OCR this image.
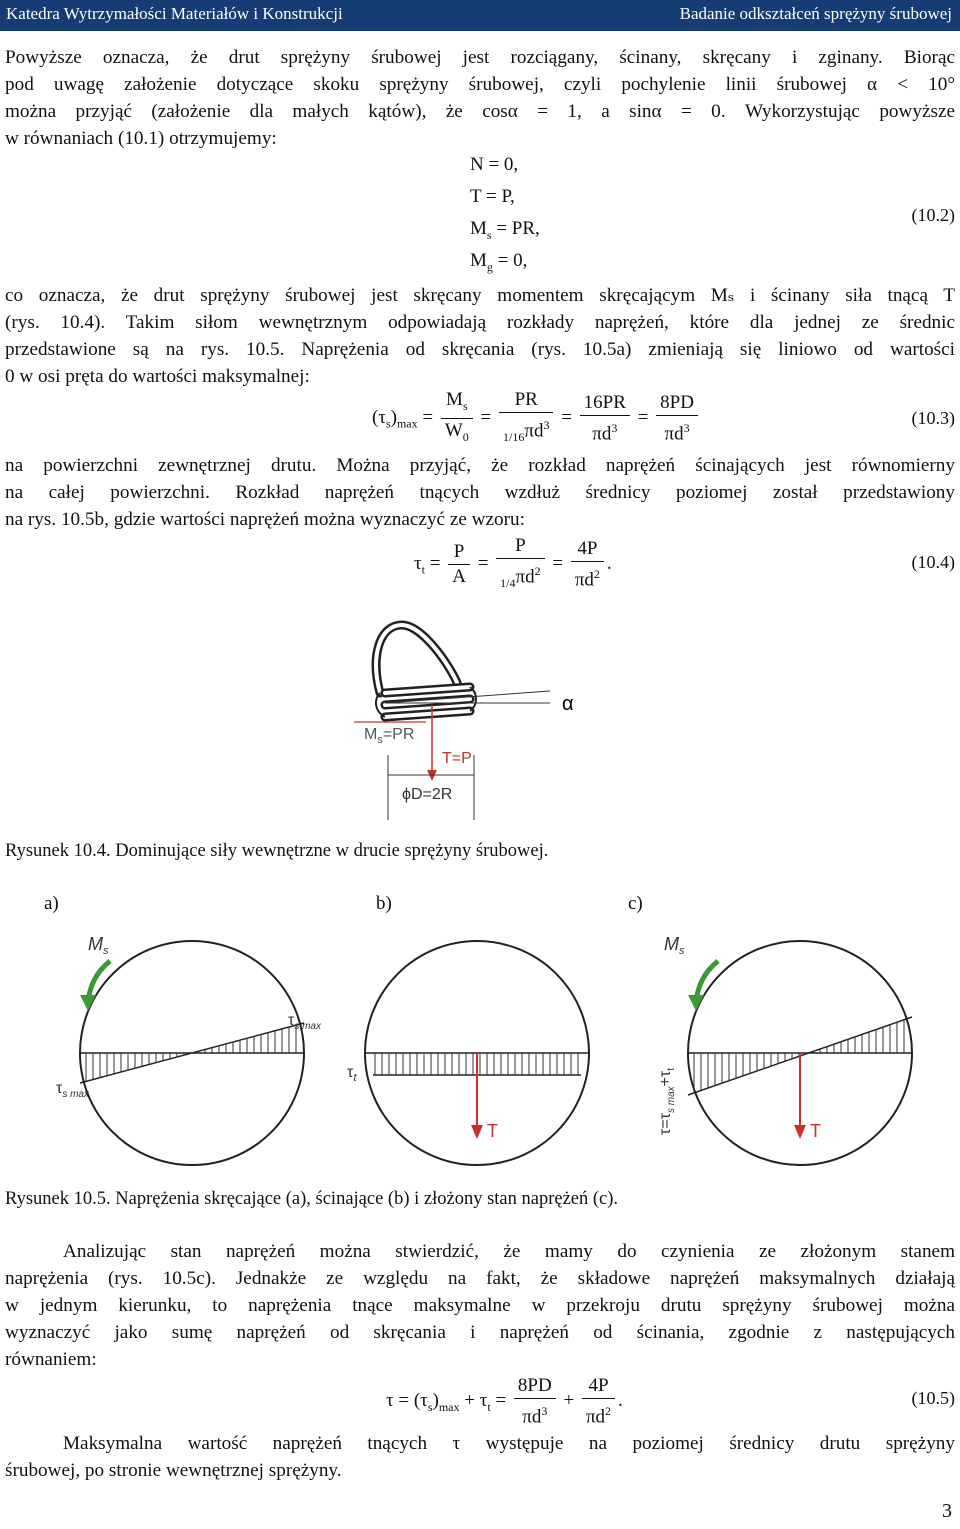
Katedra Wytrzymałości Materiałów i Konstrukcji	Badanie odkształceń sprężyny śrubowej
Powyższe oznacza, że drut sprężyny śrubowej jest rozciągany, ścinany, skręcany i zginany. Biorąc
pod uwagę założenie dotyczące skoku sprężyny śrubowej, czyli pochylenie linii śrubowej α < 10°
można przyjąć (założenie dla małych kątów), że cosα = 1, a sinα = 0. Wykorzystując powyższe
w równaniach (10.1) otrzymujemy:
N = 0,
T = P,
$M_s$ = PR,
$M_g = 0$,
(10.2)
co oznacza, że drut sprężyny śrubowej jest skręcany momentem skręcającym Mₛ i ścinany siła tnącą T
(rys. 10.4). Takim siłom wewnętrznym odpowiadają rozkłady naprężeń, które dla jednej ze średnic
przedstawione są na rys. 10.5. Naprężenia od skręcania (rys. 10.5a) zmieniają się liniowo od wartości
0 w osi pręta do wartości maksymalnej:
$(\tau_s)_{max} = \frac{M_s}{W_0} = \frac{PR}{_{1/16}\pi d^3} = \frac{16PR}{\pi d^3} = \frac{8PD}{\pi d^3}$	(10.3)
na powierzchni zewnętrznej drutu. Można przyjąć, że rozkład naprężeń ścinających jest równomierny
na całej powierzchni. Rozkład naprężeń tnących wzdłuż średnicy poziomej został przedstawiony
na rys. 10.5b, gdzie wartości naprężeń można wyznaczyć ze wzoru:
$\tau_t = \frac{P}{A} = \frac{P}{_{1/4}\pi d^2} = \frac{4P}{\pi d^2}$ .	(10.4)
α
$M_s=PR$
T=P
ϕD=2R
Rysunek 10.4. Dominujące siły wewnętrzne w drucie sprężyny śrubowej.
a)	b)	c)
$M_s$
$\tau_{s max}$
$\tau_{s max}$
T
$\tau_t$
$M_s$
T
$\tau=\tau_{s max}+\tau_t$
Rysunek 10.5. Naprężenia skręcające (a), ścinające (b) i złożony stan naprężeń (c).
Analizując stan naprężeń można stwierdzić, że mamy do czynienia ze złożonym stanem
naprężenia (rys. 10.5c). Jednakże ze względu na fakt, że składowe naprężeń maksymalnych działają
w jednym kierunku, to naprężenia tnące maksymalne w przekroju drutu sprężyny śrubowej można
wyznaczyć jako sumę naprężeń od skręcania i naprężeń od ścinania, zgodnie z następujących
równaniem:
$\tau = (\tau_s)_{max} + \tau_t = \frac{8PD}{\pi d^3} + \frac{4P}{\pi d^2}$ .	(10.5)
Maksymalna wartość naprężeń tnących τ występuje na poziomej średnicy drutu sprężyny
śrubowej, po stronie wewnętrznej sprężyny.
3
